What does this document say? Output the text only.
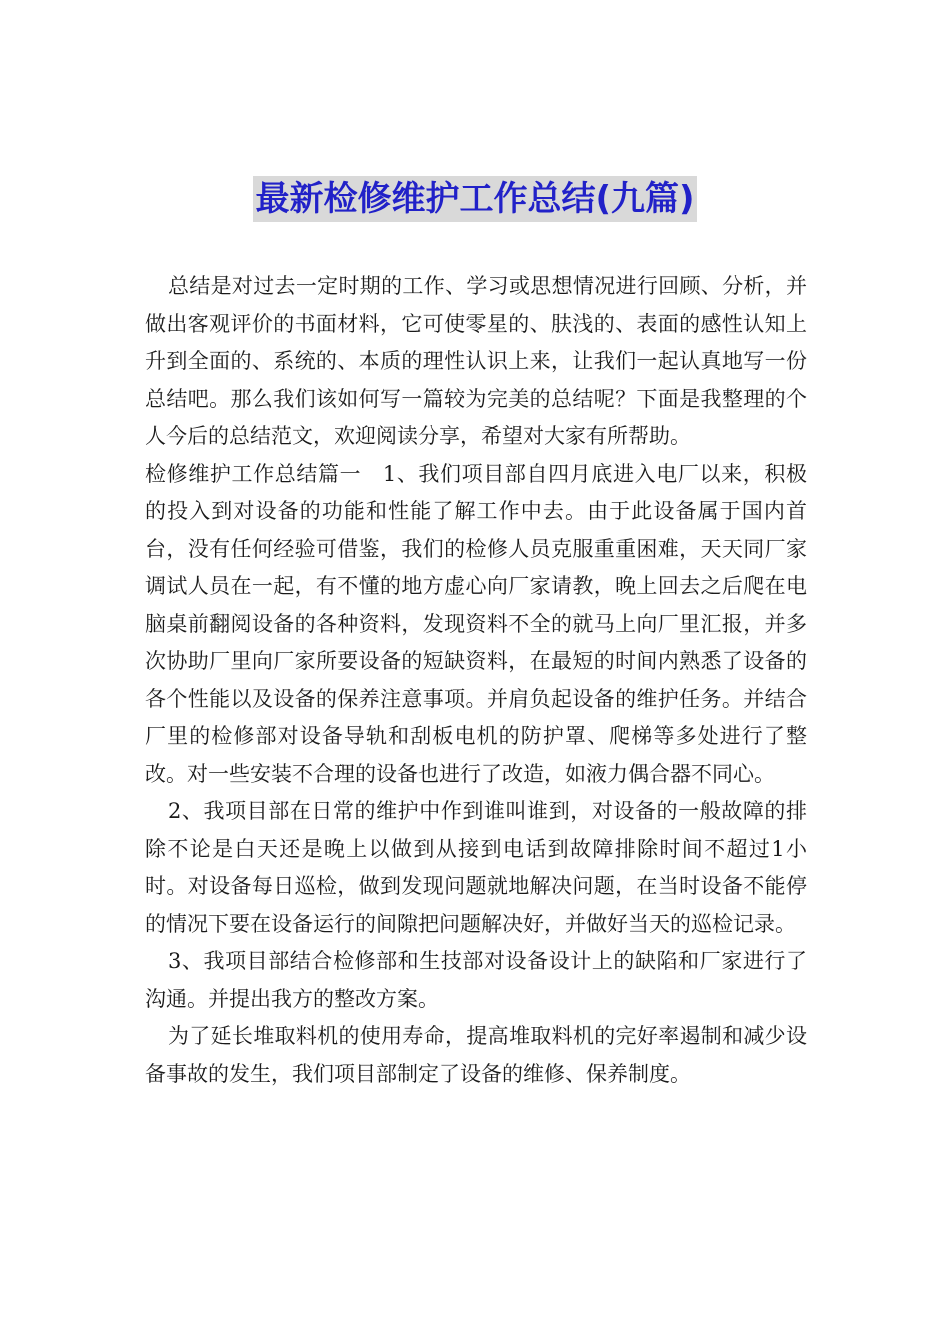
最新检修维护工作总结(九篇)

总结是对过去一定时期的工作、学习或思想情况进行回顾、分析，并做出客观评价的书面材料，它可使零星的、肤浅的、表面的感性认知上升到全面的、系统的、本质的理性认识上来，让我们一起认真地写一份总结吧。那么我们该如何写一篇较为完美的总结呢？下面是我整理的个人今后的总结范文，欢迎阅读分享，希望对大家有所帮助。

检修维护工作总结篇一　1、我们项目部自四月底进入电厂以来，积极的投入到对设备的功能和性能了解工作中去。由于此设备属于国内首台，没有任何经验可借鉴，我们的检修人员克服重重困难，天天同厂家调试人员在一起，有不懂的地方虚心向厂家请教，晚上回去之后爬在电脑桌前翻阅设备的各种资料，发现资料不全的就马上向厂里汇报，并多次协助厂里向厂家所要设备的短缺资料，在最短的时间内熟悉了设备的各个性能以及设备的保养注意事项。并肩负起设备的维护任务。并结合厂里的检修部对设备导轨和刮板电机的防护罩、爬梯等多处进行了整改。对一些安装不合理的设备也进行了改造，如液力偶合器不同心。

2、我项目部在日常的维护中作到谁叫谁到，对设备的一般故障的排除不论是白天还是晚上以做到从接到电话到故障排除时间不超过1小时。对设备每日巡检，做到发现问题就地解决问题，在当时设备不能停的情况下要在设备运行的间隙把问题解决好，并做好当天的巡检记录。

3、我项目部结合检修部和生技部对设备设计上的缺陷和厂家进行了沟通。并提出我方的整改方案。

为了延长堆取料机的使用寿命，提高堆取料机的完好率遏制和减少设备事故的发生，我们项目部制定了设备的维修、保养制度。
